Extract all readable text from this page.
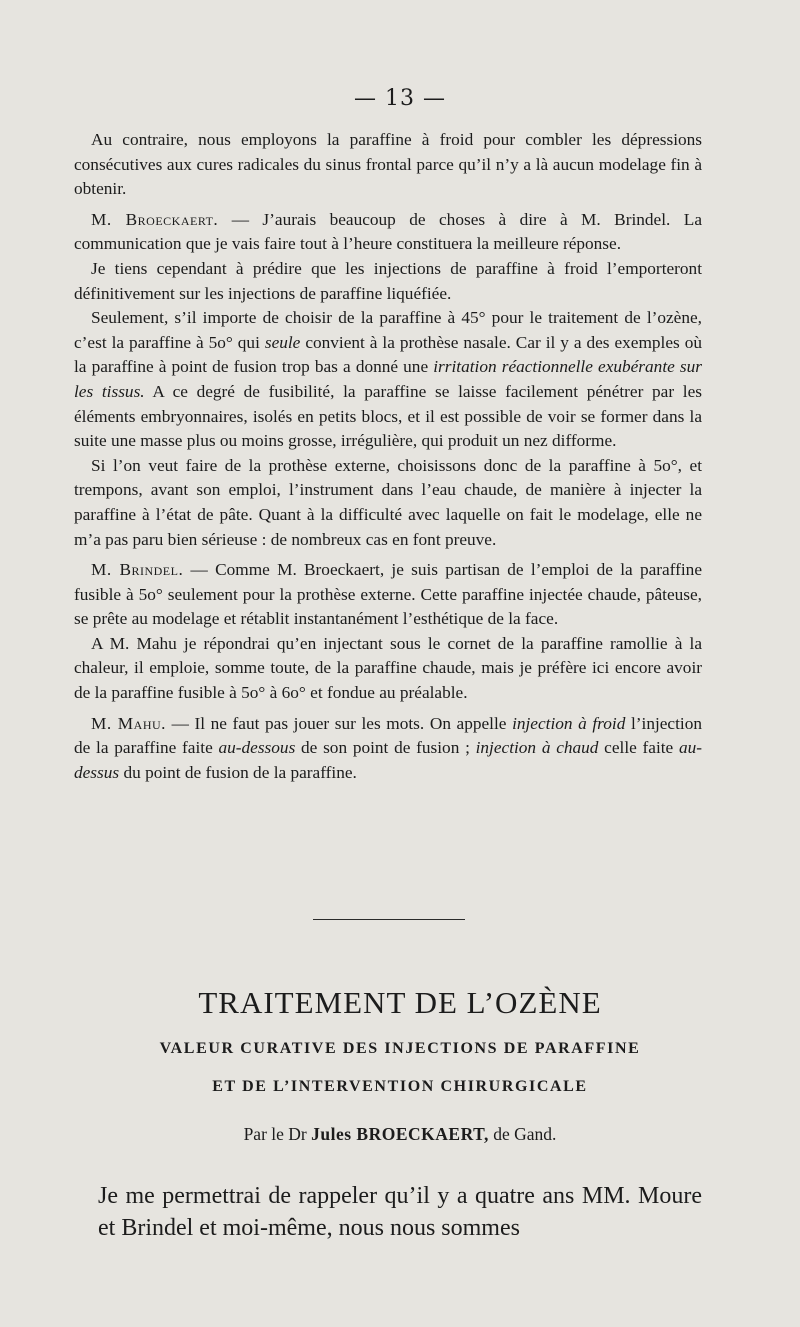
— 13 —

Au contraire, nous employons la paraffine à froid pour combler les dépressions consécutives aux cures radicales du sinus frontal parce qu’il n’y a là aucun modelage fin à obtenir.

M. Broeckaert. — J’aurais beaucoup de choses à dire à M. Brindel. La communication que je vais faire tout à l’heure constituera la meilleure réponse.

Je tiens cependant à prédire que les injections de paraffine à froid l’emporteront définitivement sur les injections de paraffine liquéfiée.

Seulement, s’il importe de choisir de la paraffine à 45° pour le traitement de l’ozène, c’est la paraffine à 5o° qui seule convient à la prothèse nasale. Car il y a des exemples où la paraffine à point de fusion trop bas a donné une irritation réactionnelle exubérante sur les tissus. A ce degré de fusibilité, la paraffine se laisse facilement pénétrer par les éléments embryonnaires, isolés en petits blocs, et il est possible de voir se former dans la suite une masse plus ou moins grosse, irrégulière, qui produit un nez difforme.

Si l’on veut faire de la prothèse externe, choisissons donc de la paraffine à 5o°, et trempons, avant son emploi, l’instrument dans l’eau chaude, de manière à injecter la paraffine à l’état de pâte. Quant à la difficulté avec laquelle on fait le modelage, elle ne m’a pas paru bien sérieuse : de nombreux cas en font preuve.

M. Brindel. — Comme M. Broeckaert, je suis partisan de l’emploi de la paraffine fusible à 5o° seulement pour la prothèse externe. Cette paraffine injectée chaude, pâteuse, se prête au modelage et rétablit instantanément l’esthétique de la face.

A M. Mahu je répondrai qu’en injectant sous le cornet de la paraffine ramollie à la chaleur, il emploie, somme toute, de la paraffine chaude, mais je préfère ici encore avoir de la paraffine fusible à 5o° à 6o° et fondue au préalable.

M. Mahu. — Il ne faut pas jouer sur les mots. On appelle injection à froid l’injection de la paraffine faite au-dessous de son point de fusion ; injection à chaud celle faite au-dessus du point de fusion de la paraffine.

TRAITEMENT DE L’OZÈNE
VALEUR CURATIVE DES INJECTIONS DE PARAFFINE
ET DE L’INTERVENTION CHIRURGICALE
Par le Dr Jules BROECKAERT, de Gand.

Je me permettrai de rappeler qu’il y a quatre ans MM. Moure et Brindel et moi-même, nous nous sommes
